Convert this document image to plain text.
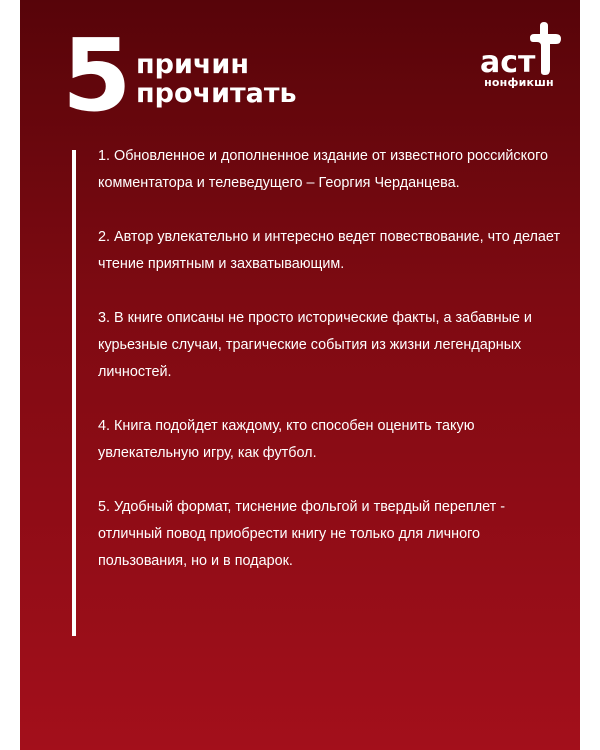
5 причин
прочитать
аст
нонфикшн
1. Обновленное и дополненное издание от известного российского комментатора и телеведущего – Георгия Черданцева.
2. Автор увлекательно и интересно ведет повествование, что делает чтение приятным и захватывающим.
3. В книге описаны не просто исторические факты, а забавные и курьезные случаи, трагические события из жизни легендарных личностей.
4. Книга подойдет каждому, кто способен оценить такую увлекательную игру, как футбол.
5. Удобный формат, тиснение фольгой и твердый переплет - отличный повод приобрести книгу не только для личного пользования, но и в подарок.
